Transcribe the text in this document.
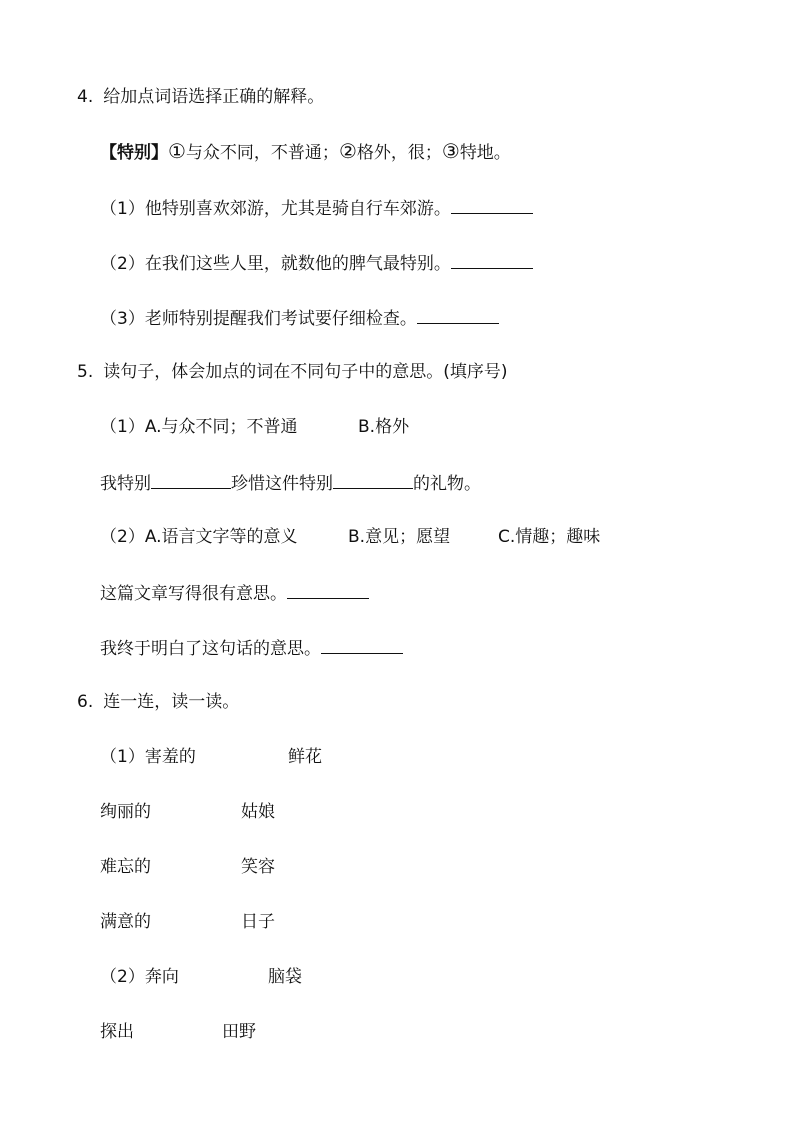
4. 给加点词语选择正确的解释。
【特别】①与众不同，不普通；②格外，很；③特地。
（1）他特别喜欢郊游，尤其是骑自行车郊游。
（2）在我们这些人里，就数他的脾气最特别。
（3）老师特别提醒我们考试要仔细检查。
5. 读句子，体会加点的词在不同句子中的意思。(填序号)
（1）A.与众不同；不普通	B.格外
我特别	珍惜这件特别	的礼物。
（2）A.语言文字等的意义	B.意见；愿望	C.情趣；趣味
这篇文章写得很有意思。
我终于明白了这句话的意思。
6. 连一连，读一读。
（1）害羞的	鲜花
绚丽的	姑娘
难忘的	笑容
满意的	日子
（2）奔向	脑袋
探出	田野
